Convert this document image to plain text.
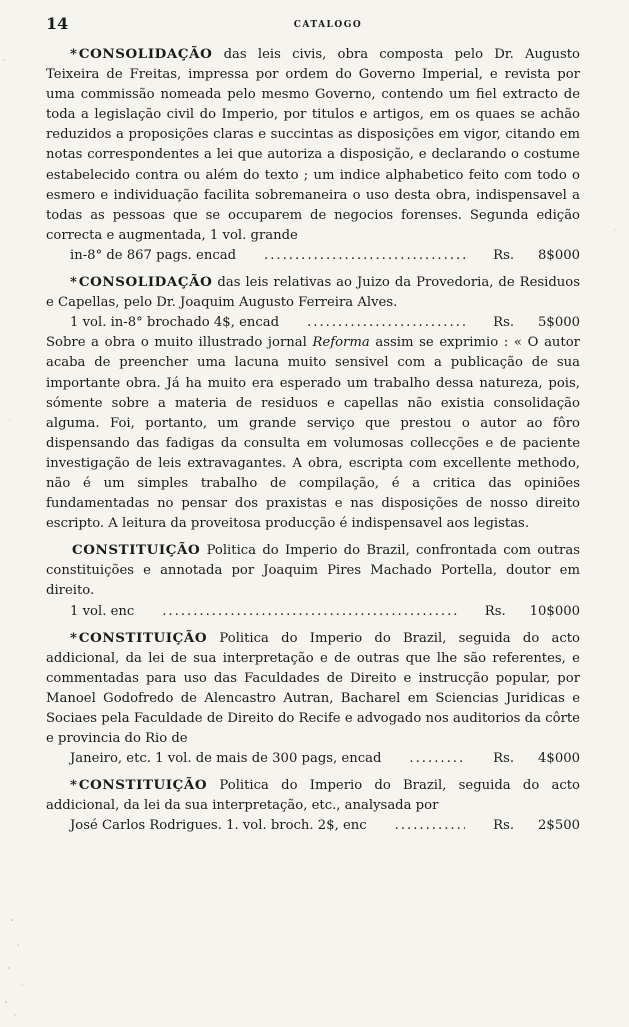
14	CATALOGO

* CONSOLIDAÇÃO das leis civis, obra composta pelo Dr. Augusto Teixeira de Freitas, impressa por ordem do Governo Imperial, e revista por uma commissão nomeada pelo mesmo Governo, contendo um fiel extracto de toda a legislação civil do Imperio, por titulos e artigos, em os quaes se achão reduzidos a proposições claras e succintas as disposições em vigor, citando em notas correspondentes a lei que autoriza a disposição, e declarando o costume estabelecido contra ou além do texto ; um indice alphabetico feito com todo o esmero e individuação facilita sobremaneira o uso desta obra, indispensavel a todas as pessoas que se occuparem de negocios forenses. Segunda edição correcta e augmentada, 1 vol. grande

in-8° de 867 pags. encad .....	Rs.	8$000

* CONSOLIDAÇÃO das leis relativas ao Juizo da Provedoria, de Residuos e Capellas, pelo Dr. Joaquim Augusto Ferreira Alves.

1 vol. in-8° brochado 4$, encad .....	Rs.	5$000

Sobre a obra o muito illustrado jornal Reforma assim se exprimio : « O autor acaba de preencher uma lacuna muito sensivel com a publicação de sua importante obra. Já ha muito era esperado um trabalho dessa natureza, pois, sómente sobre a materia de residuos e capellas não existia consolidação alguma. Foi, portanto, um grande serviço que prestou o autor ao fôro dispensando das fadigas da consulta em volumosas collecções e de paciente investigação de leis extravagantes. A obra, escripta com excellente methodo, não é um simples trabalho de compilação, é a critica das opiniões fundamentadas no pensar dos praxistas e nas disposições de nosso direito escripto. A leitura da proveitosa producção é indispensavel aos legistas.

CONSTITUIÇÃO Politica do Imperio do Brazil, confrontada com outras constituições e annotada por Joaquim Pires Machado Portella, doutor em direito.

1 vol. enc .....	Rs.	10$000

* CONSTITUIÇÃO Politica do Imperio do Brazil, seguida do acto addicional, da lei de sua interpretação e de outras que lhe são referentes, e commentadas para uso das Faculdades de Direito e instrucção popular, por Manoel Godofredo de Alencastro Autran, Bacharel em Sciencias Juridicas e Sociaes pela Faculdade de Direito do Recife e advogado nos auditorios da côrte e provincia do Rio de

Janeiro, etc. 1 vol. de mais de 300 pags, encad .....	Rs.	4$000

* CONSTITUIÇÃO Politica do Imperio do Brazil, seguida do acto addicional, da lei da sua interpretação, etc., analysada por

José Carlos Rodrigues. 1. vol. broch. 2$, enc .....	Rs.	2$500
